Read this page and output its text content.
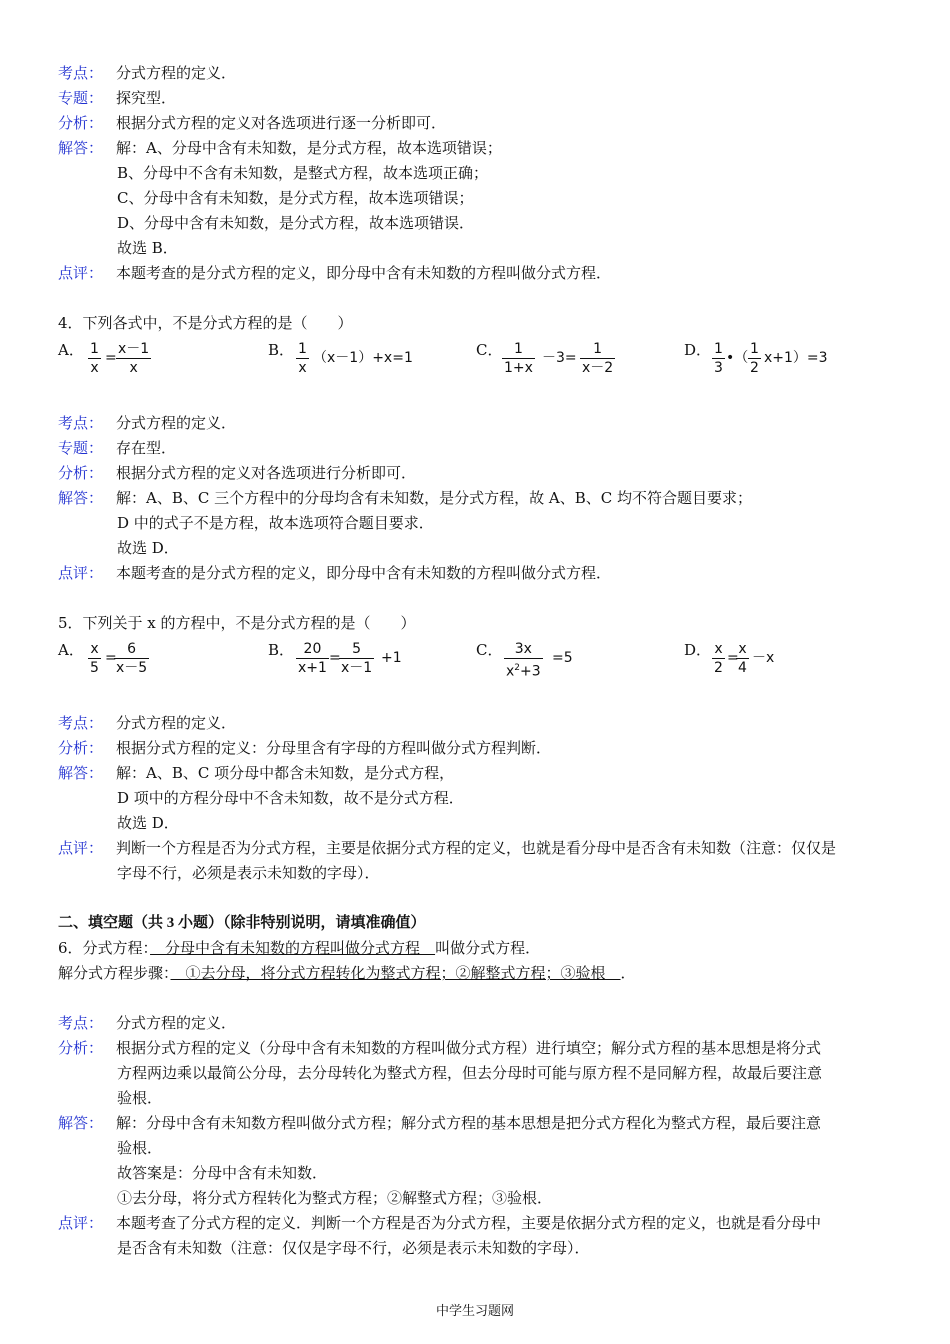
考点： 分式方程的定义．
专题： 探究型．
分析： 根据分式方程的定义对各选项进行逐一分析即可．
解答： 解：A、分母中含有未知数，是分式方程，故本选项错误；
B、分母中不含有未知数，是整式方程，故本选项正确；
C、分母中含有未知数，是分式方程，故本选项错误；
D、分母中含有未知数，是分式方程，故本选项错误．
故选 B．
点评： 本题考查的是分式方程的定义，即分母中含有未知数的方程叫做分式方程．
4．下列各式中，不是分式方程的是（　　）
A． $\frac{1}{x} = \frac{x-1}{x}$	B． $\frac{1}{x} (x-1)+x=1$	C． $\frac{1}{1+x} -3= \frac{1}{x-2}$	D． $\frac{1}{3}$ •（ $\frac{1}{2} x+1)=3$
考点： 分式方程的定义．
专题： 存在型．
分析： 根据分式方程的定义对各选项进行分析即可．
解答： 解：A、B、C 三个方程中的分母均含有未知数，是分式方程，故 A、B、C 均不符合题目要求；
D 中的式子不是方程，故本选项符合题目要求．
故选 D．
点评： 本题考查的是分式方程的定义，即分母中含有未知数的方程叫做分式方程．
5．下列关于 x 的方程中，不是分式方程的是（　　）
A． $\frac{x}{5}$ =
$\frac{6}{x-5}$	B． $\frac{20}{x+1}$ =
$\frac{5}{x-1} +1$	C． $\frac{3x}{x^2+3} =5$	D． $\frac{x}{2}$ =
$\frac{x}{4} -x$
考点： 分式方程的定义．
分析： 根据分式方程的定义：分母里含有字母的方程叫做分式方程判断．
解答： 解：A、B、C 项分母中都含未知数，是分式方程，
D 项中的方程分母中不含未知数，故不是分式方程．
故选 D．
点评： 判断一个方程是否为分式方程，主要是依据分式方程的定义，也就是看分母中是否含有未知数（注意：仅仅是
字母不行，必须是表示未知数的字母）．
二、填空题（共 3 小题）（除非特别说明，请填准确值）
6．分式方程：　分母中含有未知数的方程叫做分式方程　叫做分式方程．
解分式方程步骤：　①去分母，将分式方程转化为整式方程；②解整式方程；③验根　．
考点： 分式方程的定义．
分析： 根据分式方程的定义（分母中含有未知数的方程叫做分式方程）进行填空；解分式方程的基本思想是将分式
方程两边乘以最简公分母，去分母转化为整式方程，但去分母时可能与原方程不是同解方程，故最后要注意
验根．
解答： 解：分母中含有未知数方程叫做分式方程；解分式方程的基本思想是把分式方程化为整式方程，最后要注意
验根．
故答案是：分母中含有未知数．
①去分母，将分式方程转化为整式方程；②解整式方程；③验根．
点评： 本题考查了分式方程的定义．判断一个方程是否为分式方程，主要是依据分式方程的定义，也就是看分母中
是否含有未知数（注意：仅仅是字母不行，必须是表示未知数的字母）．
中学生习题网
